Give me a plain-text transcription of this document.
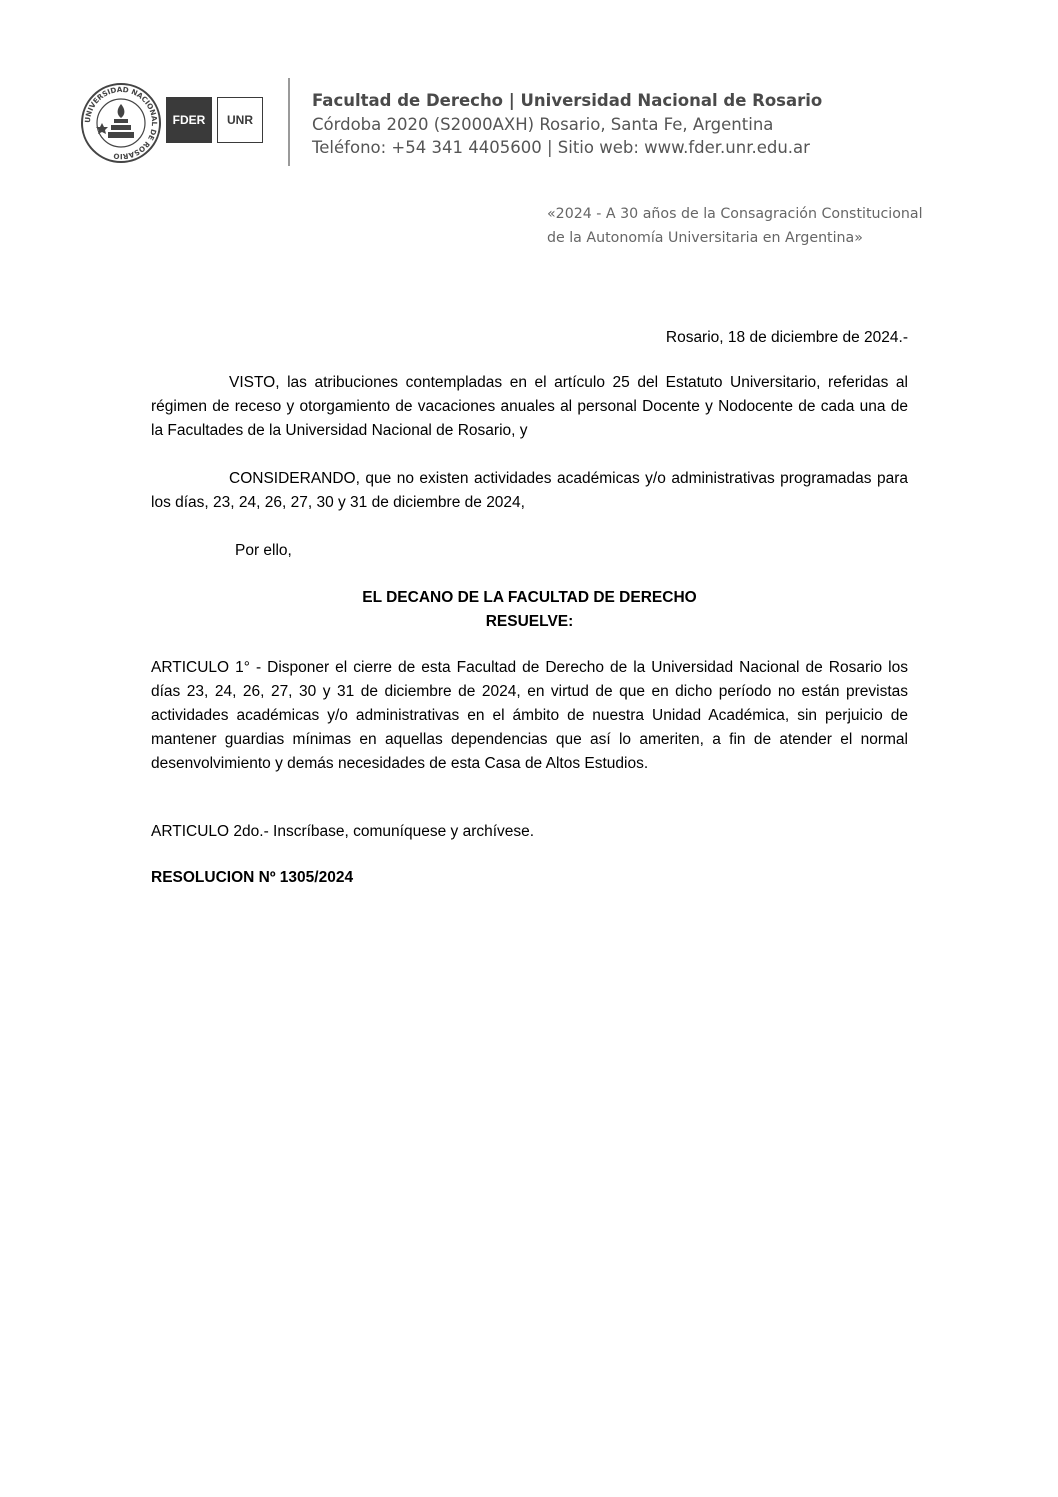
UNIVERSIDAD NACIONAL DE ROSARIO
FDER	UNR
Facultad de Derecho | Universidad Nacional de Rosario
Córdoba 2020 (S2000AXH) Rosario, Santa Fe, Argentina
Teléfono: +54 341 4405600 | Sitio web: www.fder.unr.edu.ar
«2024 - A 30 años de la Consagración Constitucional
de la Autonomía Universitaria en Argentina»
Rosario, 18 de diciembre de 2024.-
VISTO, las atribuciones contempladas en el artículo 25 del Estatuto Universitario, referidas al régimen de receso y otorgamiento de vacaciones anuales al personal Docente y Nodocente de cada una de la Facultades de la Universidad Nacional de Rosario, y
CONSIDERANDO, que no existen actividades académicas y/o administrativas programadas para los días, 23, 24, 26, 27, 30 y 31 de diciembre de 2024,
Por ello,
EL DECANO DE LA FACULTAD DE DERECHO
RESUELVE:
ARTICULO 1° - Disponer el cierre de esta Facultad de Derecho de la Universidad Nacional de Rosario los días 23, 24, 26, 27, 30 y 31 de diciembre de 2024, en virtud de que en dicho período no están previstas actividades académicas y/o administrativas en el ámbito de nuestra Unidad Académica, sin perjuicio de mantener guardias mínimas en aquellas dependencias que así lo ameriten, a fin de atender el normal desenvolvimiento y demás necesidades de esta Casa de Altos Estudios.
ARTICULO 2do.- Inscríbase, comuníquese y archívese.
RESOLUCION Nº 1305/2024
